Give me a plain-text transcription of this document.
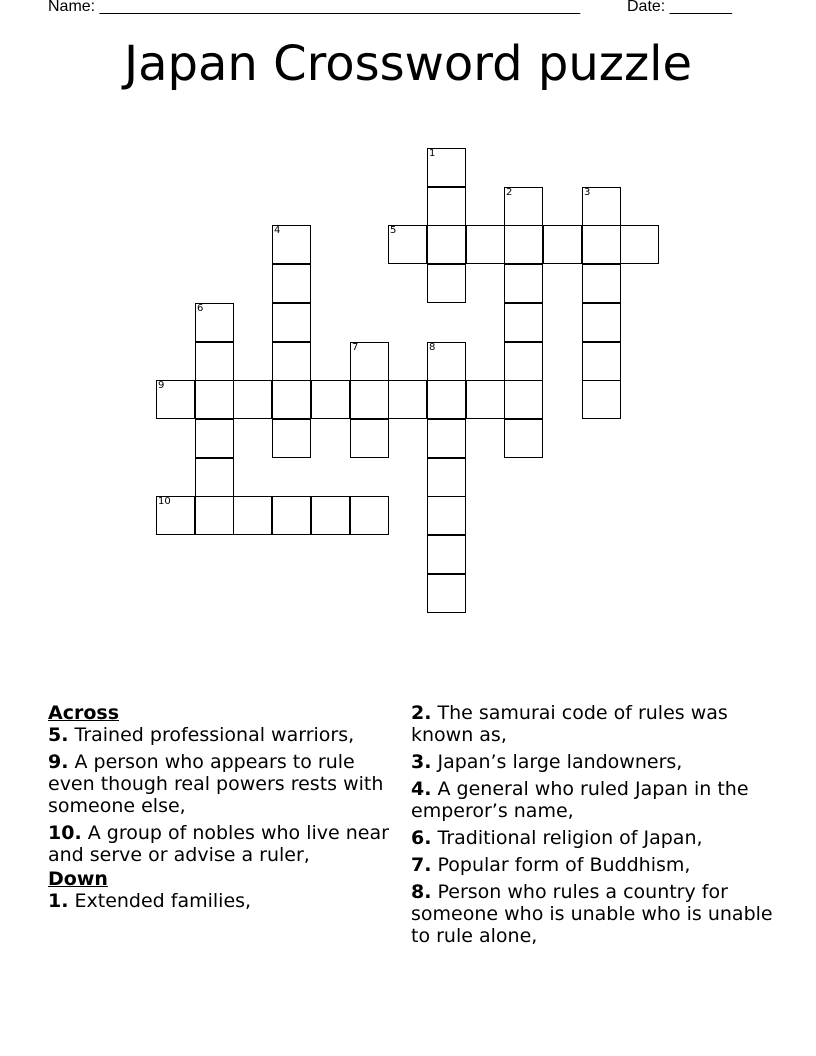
Name: ______________________________________________________	Date: _______
Japan Crossword puzzle
5
9
10
1
2	3
4
6
7	8

Across

5. Trained professional warriors,

9. A person who appears to rule even though real powers rests with someone else,

10. A group of nobles who live near and serve or advise a ruler,

Down

1. Extended families,

2. The samurai code of rules was known as,

3. Japan’s large landowners,

4. A general who ruled Japan in the emperor’s name,

6. Traditional religion of Japan,

7. Popular form of Buddhism,

8. Person who rules a country for someone who is unable who is unable to rule alone,
